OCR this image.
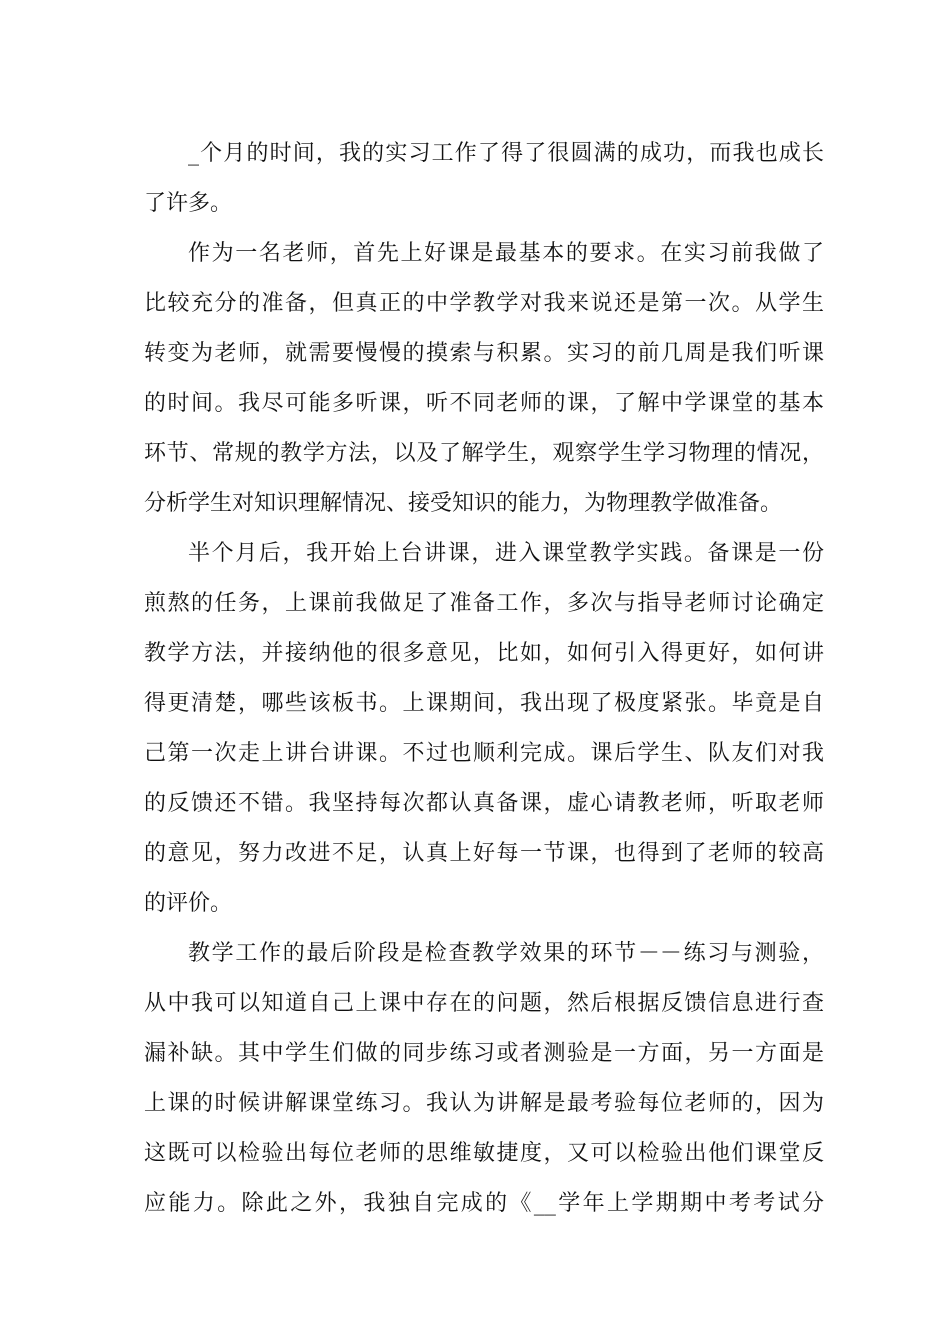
_个月的时间，我的实习工作了得了很圆满的成功，而我也成长
了许多。
作为一名老师，首先上好课是最基本的要求。在实习前我做了
比较充分的准备，但真正的中学教学对我来说还是第一次。从学生
转变为老师，就需要慢慢的摸索与积累。实习的前几周是我们听课
的时间。我尽可能多听课，听不同老师的课，了解中学课堂的基本
环节、常规的教学方法，以及了解学生，观察学生学习物理的情况，
分析学生对知识理解情况、接受知识的能力，为物理教学做准备。
半个月后，我开始上台讲课，进入课堂教学实践。备课是一份
煎熬的任务，上课前我做足了准备工作，多次与指导老师讨论确定
教学方法，并接纳他的很多意见，比如，如何引入得更好，如何讲
得更清楚，哪些该板书。上课期间，我出现了极度紧张。毕竟是自
己第一次走上讲台讲课。不过也顺利完成。课后学生、队友们对我
的反馈还不错。我坚持每次都认真备课，虚心请教老师，听取老师
的意见，努力改进不足，认真上好每一节课，也得到了老师的较高
的评价。
教学工作的最后阶段是检查教学效果的环节－－练习与测验，
从中我可以知道自己上课中存在的问题，然后根据反馈信息进行查
漏补缺。其中学生们做的同步练习或者测验是一方面，另一方面是
上课的时候讲解课堂练习。我认为讲解是最考验每位老师的，因为
这既可以检验出每位老师的思维敏捷度，又可以检验出他们课堂反
应能力。除此之外，我独自完成的《__学年上学期期中考考试分
